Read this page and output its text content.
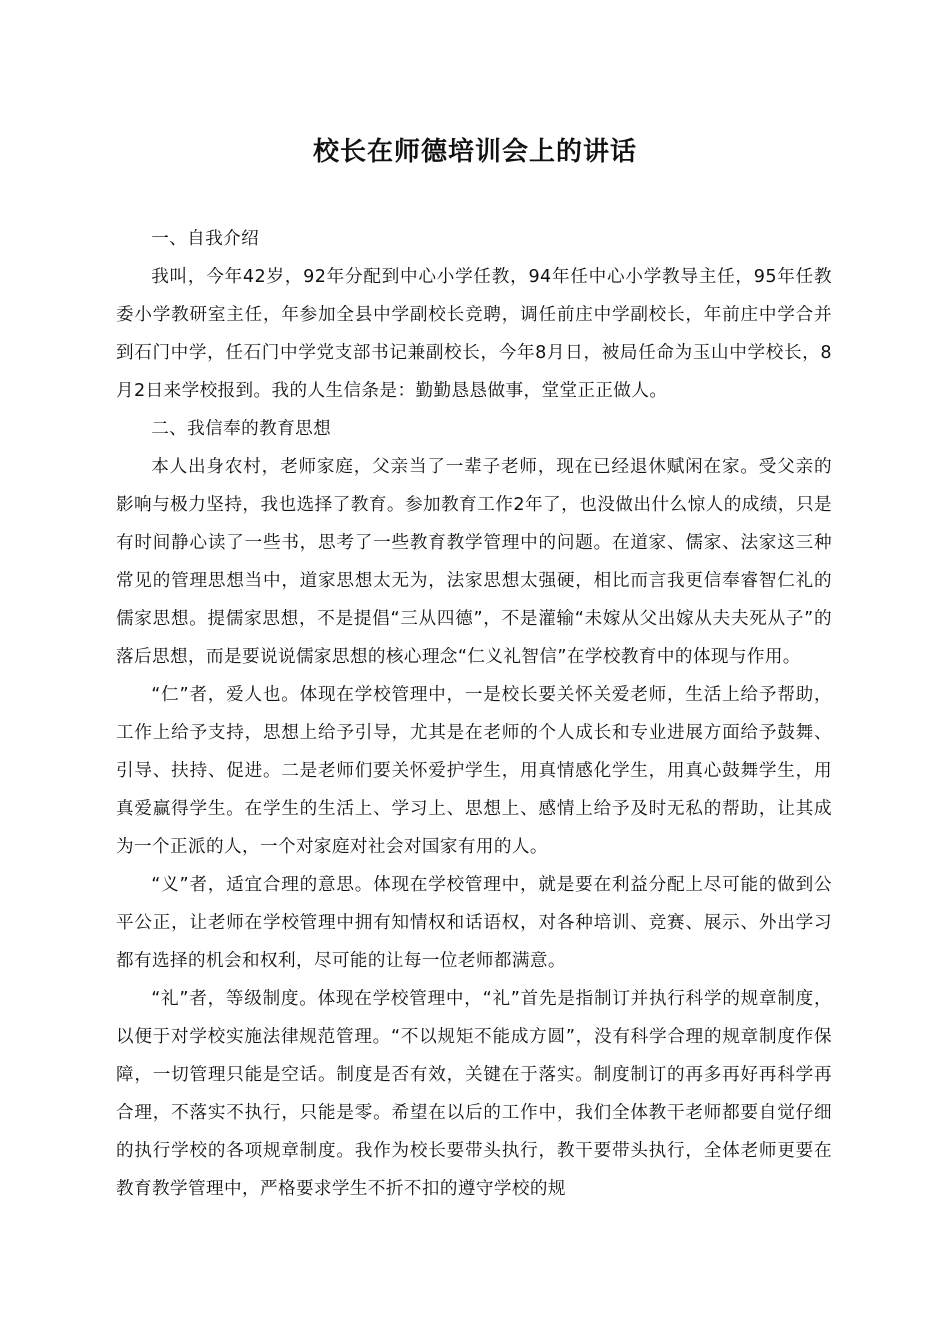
校长在师德培训会上的讲话

一、自我介绍

我叫，今年42岁，92年分配到中心小学任教，94年任中心小学教导主任，95年任教委小学教研室主任，年参加全县中学副校长竞聘，调任前庄中学副校长，年前庄中学合并到石门中学，任石门中学党支部书记兼副校长，今年8月日，被局任命为玉山中学校长，8月2日来学校报到。我的人生信条是：勤勤恳恳做事，堂堂正正做人。

二、我信奉的教育思想

本人出身农村，老师家庭，父亲当了一辈子老师，现在已经退休赋闲在家。受父亲的影响与极力坚持，我也选择了教育。参加教育工作2年了，也没做出什么惊人的成绩，只是有时间静心读了一些书，思考了一些教育教学管理中的问题。在道家、儒家、法家这三种常见的管理思想当中，道家思想太无为，法家思想太强硬，相比而言我更信奉睿智仁礼的儒家思想。提儒家思想，不是提倡“三从四德”，不是灌输“未嫁从父出嫁从夫夫死从子”的落后思想，而是要说说儒家思想的核心理念“仁义礼智信”在学校教育中的体现与作用。

“仁”者，爱人也。体现在学校管理中，一是校长要关怀关爱老师，生活上给予帮助，工作上给予支持，思想上给予引导，尤其是在老师的个人成长和专业进展方面给予鼓舞、引导、扶持、促进。二是老师们要关怀爱护学生，用真情感化学生，用真心鼓舞学生，用真爱赢得学生。在学生的生活上、学习上、思想上、感情上给予及时无私的帮助，让其成为一个正派的人，一个对家庭对社会对国家有用的人。

“义”者，适宜合理的意思。体现在学校管理中，就是要在利益分配上尽可能的做到公平公正，让老师在学校管理中拥有知情权和话语权，对各种培训、竞赛、展示、外出学习都有选择的机会和权利，尽可能的让每一位老师都满意。

“礼”者，等级制度。体现在学校管理中，“礼”首先是指制订并执行科学的规章制度，以便于对学校实施法律规范管理。“不以规矩不能成方圆”，没有科学合理的规章制度作保障，一切管理只能是空话。制度是否有效，关键在于落实。制度制订的再多再好再科学再合理，不落实不执行，只能是零。希望在以后的工作中，我们全体教干老师都要自觉仔细的执行学校的各项规章制度。我作为校长要带头执行，教干要带头执行，全体老师更要在教育教学管理中，严格要求学生不折不扣的遵守学校的规
